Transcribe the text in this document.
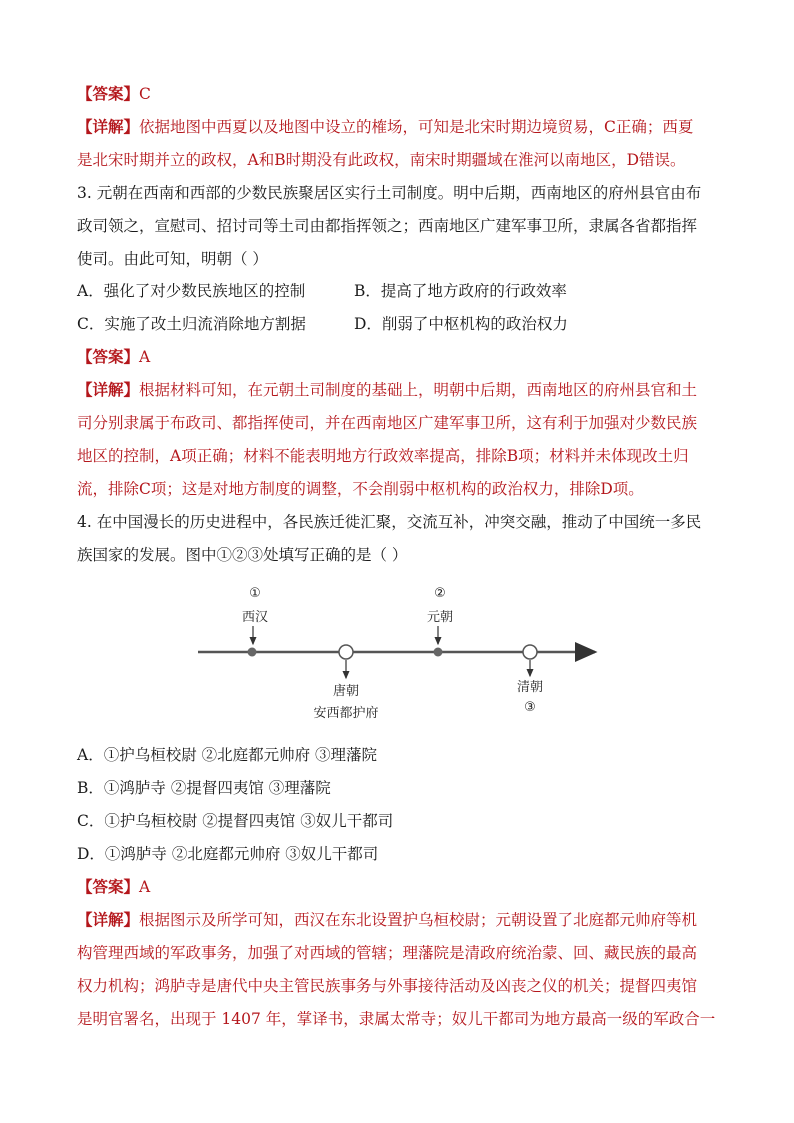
【答案】C
【详解】依据地图中西夏以及地图中设立的榷场，可知是北宋时期边境贸易，C正确；西夏
是北宋时期并立的政权，A和B时期没有此政权，南宋时期疆域在淮河以南地区，D错误。
3. 元朝在西南和西部的少数民族聚居区实行土司制度。明中后期，西南地区的府州县官由布
政司领之，宣慰司、招讨司等土司由都指挥领之；西南地区广建军事卫所，隶属各省都指挥
使司。由此可知，明朝（ ）
A．强化了对少数民族地区的控制	B．提高了地方政府的行政效率
C．实施了改土归流消除地方割据	D．削弱了中枢机构的政治权力
【答案】A
【详解】根据材料可知，在元朝土司制度的基础上，明朝中后期，西南地区的府州县官和土
司分别隶属于布政司、都指挥使司，并在西南地区广建军事卫所，这有利于加强对少数民族
地区的控制，A项正确；材料不能表明地方行政效率提高，排除B项；材料并未体现改土归
流，排除C项；这是对地方制度的调整，不会削弱中枢机构的政治权力，排除D项。
4. 在中国漫长的历史进程中，各民族迁徙汇聚，交流互补，冲突交融，推动了中国统一多民
族国家的发展。图中①②③处填写正确的是（ ）
①
西汉
唐朝
安西都护府
②
元朝
清朝
③
A．①护乌桓校尉 ②北庭都元帅府 ③理藩院
B．①鸿胪寺 ②提督四夷馆 ③理藩院
C．①护乌桓校尉 ②提督四夷馆 ③奴儿干都司
D．①鸿胪寺 ②北庭都元帅府 ③奴儿干都司
【答案】A
【详解】根据图示及所学可知，西汉在东北设置护乌桓校尉；元朝设置了北庭都元帅府等机
构管理西域的军政事务，加强了对西域的管辖；理藩院是清政府统治蒙、回、藏民族的最高
权力机构；鸿胪寺是唐代中央主管民族事务与外事接待活动及凶丧之仪的机关；提督四夷馆
是明官署名，出现于 1407 年，掌译书，隶属太常寺；奴儿干都司为地方最高一级的军政合一
